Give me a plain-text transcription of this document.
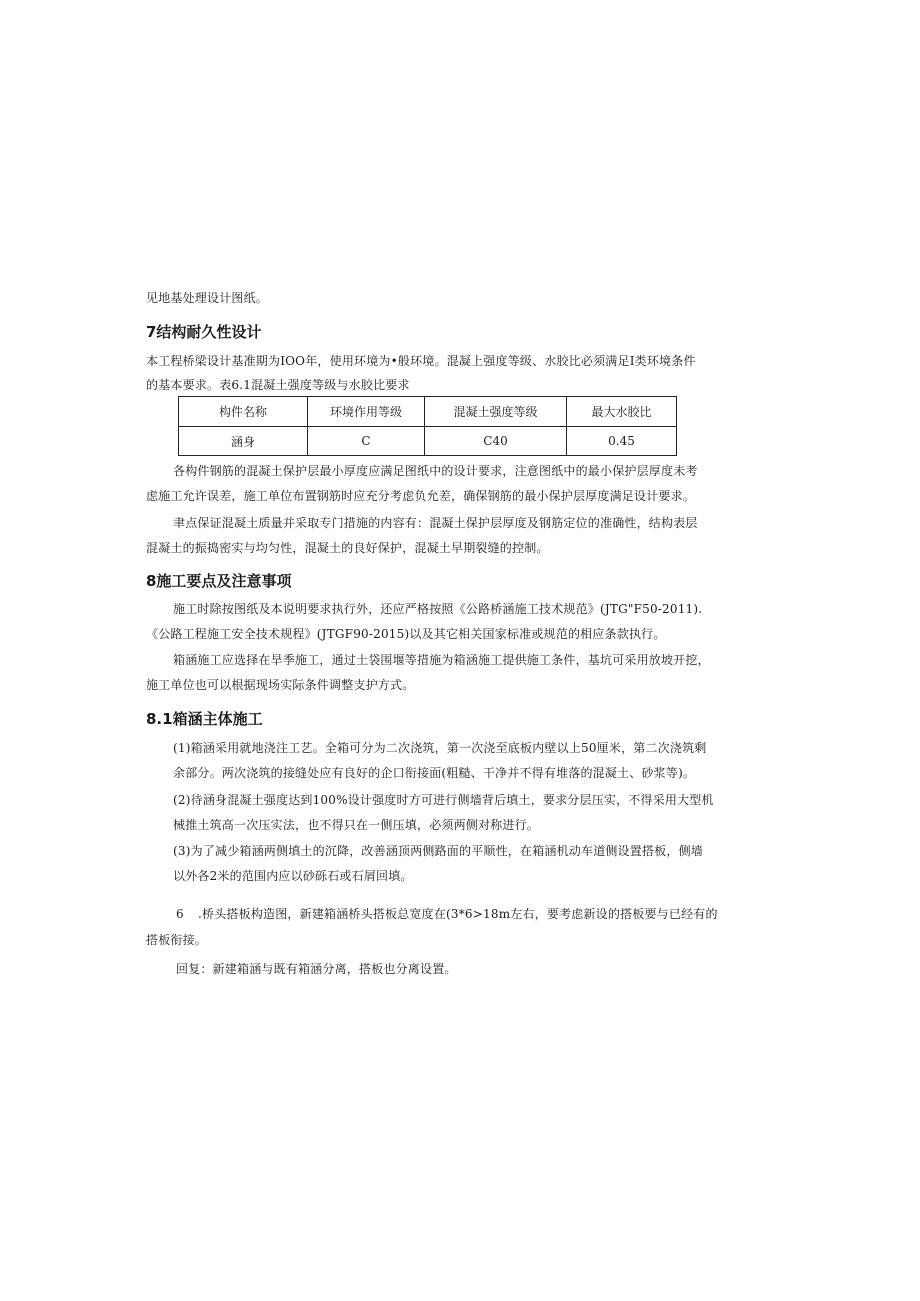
见地基处理设计图纸。
7结构耐久性设计
本工程桥梁设计基准期为IOO年，使用环境为•般环境。混凝上强度等级、水胶比必须满足I类环境条件
的基本要求。表6.1混凝土强度等级与水胶比要求
构件名称	环境作用等级	混凝土强度等级	最大水胶比
涵身	C	C40	0.45
各构件钢筋的混凝土保护层最小厚度应满足图纸中的设计要求，注意图纸中的最小保护层厚度未考
虑施工允许误差，施工单位布置钢筋时应充分考虑负允差，确保钢筋的最小保护层厚度满足设计要求。
聿点保证混凝土质量并采取专门措施的内容有：混凝土保护层厚度及钢筋定位的准确性，结构表层
混凝土的振捣密实与均匀性，混凝土的良好保护，混凝土早期裂缝的控制。
8施工要点及注意事项
施工时除按图纸及本说明要求执行外，还应严格按照《公路桥涵施工技术规范》(JTG"F50-2011).
《公路工程施工安全技术规程》(JTGF90-2015)以及其它相关国家标准或规范的相应条款执行。
箱涵施工应选择在旱季施工，通过土袋围堰等措施为箱涵施工提供施工条件，基坑可采用放坡开挖，
施工单位也可以根据现场实际条件调整支护方式。
8.1箱涵主体施工
(1)箱涵采用就地浇注工艺。全箱可分为二次浇筑，第一次浇至底板内壁以上50厘米，第二次浇筑剩
余部分。两次浇筑的接缝处应有良好的企口衔接面(粗糙、干净并不得有堆落的混凝土、砂浆等)。
(2)待涵身混凝土强度达到100%设计强度时方可进行侧墙背后填土，要求分层压实，不得采用大型机
械推土筑高一次压实法，也不得只在一侧压填，必须两侧对称进行。
(3)为了减少箱涵两侧填土的沉降，改善涵顶两侧路面的平顺性，在箱涵机动车道侧设置搭板，侧墙
以外各2米的范围内应以砂砾石或石屑回填。
6 .桥头搭板构造图，新建箱涵桥头搭板总宽度在(3*6>18m左右，要考虑新设的搭板要与已经有的
搭板衔接。
回复：新建箱涵与既有箱涵分离，搭板也分离设置。
